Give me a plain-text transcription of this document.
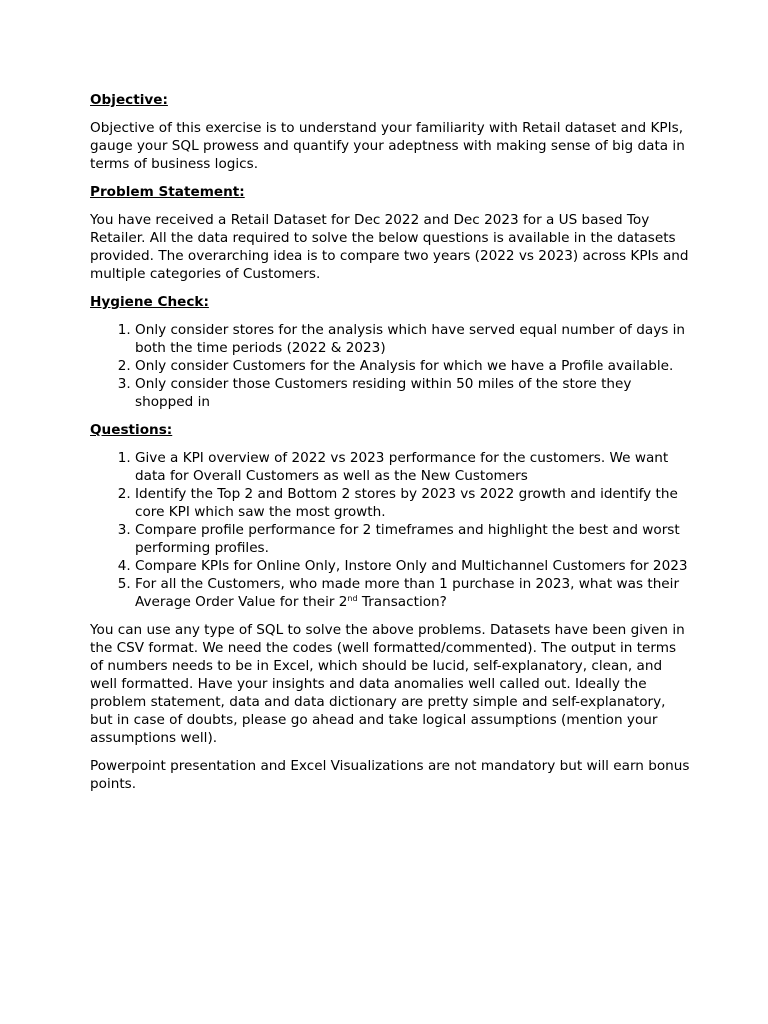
Objective:
Objective of this exercise is to understand your familiarity with Retail dataset and KPIs, gauge your SQL prowess and quantify your adeptness with making sense of big data in terms of business logics.
Problem Statement:
You have received a Retail Dataset for Dec 2022 and Dec 2023 for a US based Toy Retailer. All the data required to solve the below questions is available in the datasets provided. The overarching idea is to compare two years (2022 vs 2023) across KPIs and multiple categories of Customers.
Hygiene Check:
1. Only consider stores for the analysis which have served equal number of days in both the time periods (2022 & 2023)
2. Only consider Customers for the Analysis for which we have a Profile available.
3. Only consider those Customers residing within 50 miles of the store they shopped in
Questions:
1. Give a KPI overview of 2022 vs 2023 performance for the customers. We want data for Overall Customers as well as the New Customers
2. Identify the Top 2 and Bottom 2 stores by 2023 vs 2022 growth and identify the core KPI which saw the most growth.
3. Compare profile performance for 2 timeframes and highlight the best and worst performing profiles.
4. Compare KPIs for Online Only, Instore Only and Multichannel Customers for 2023
5. For all the Customers, who made more than 1 purchase in 2023, what was their Average Order Value for their 2nd Transaction?
You can use any type of SQL to solve the above problems. Datasets have been given in the CSV format. We need the codes (well formatted/commented). The output in terms of numbers needs to be in Excel, which should be lucid, self-explanatory, clean, and well formatted. Have your insights and data anomalies well called out. Ideally the problem statement, data and data dictionary are pretty simple and self-explanatory, but in case of doubts, please go ahead and take logical assumptions (mention your assumptions well).
Powerpoint presentation and Excel Visualizations are not mandatory but will earn bonus points.
